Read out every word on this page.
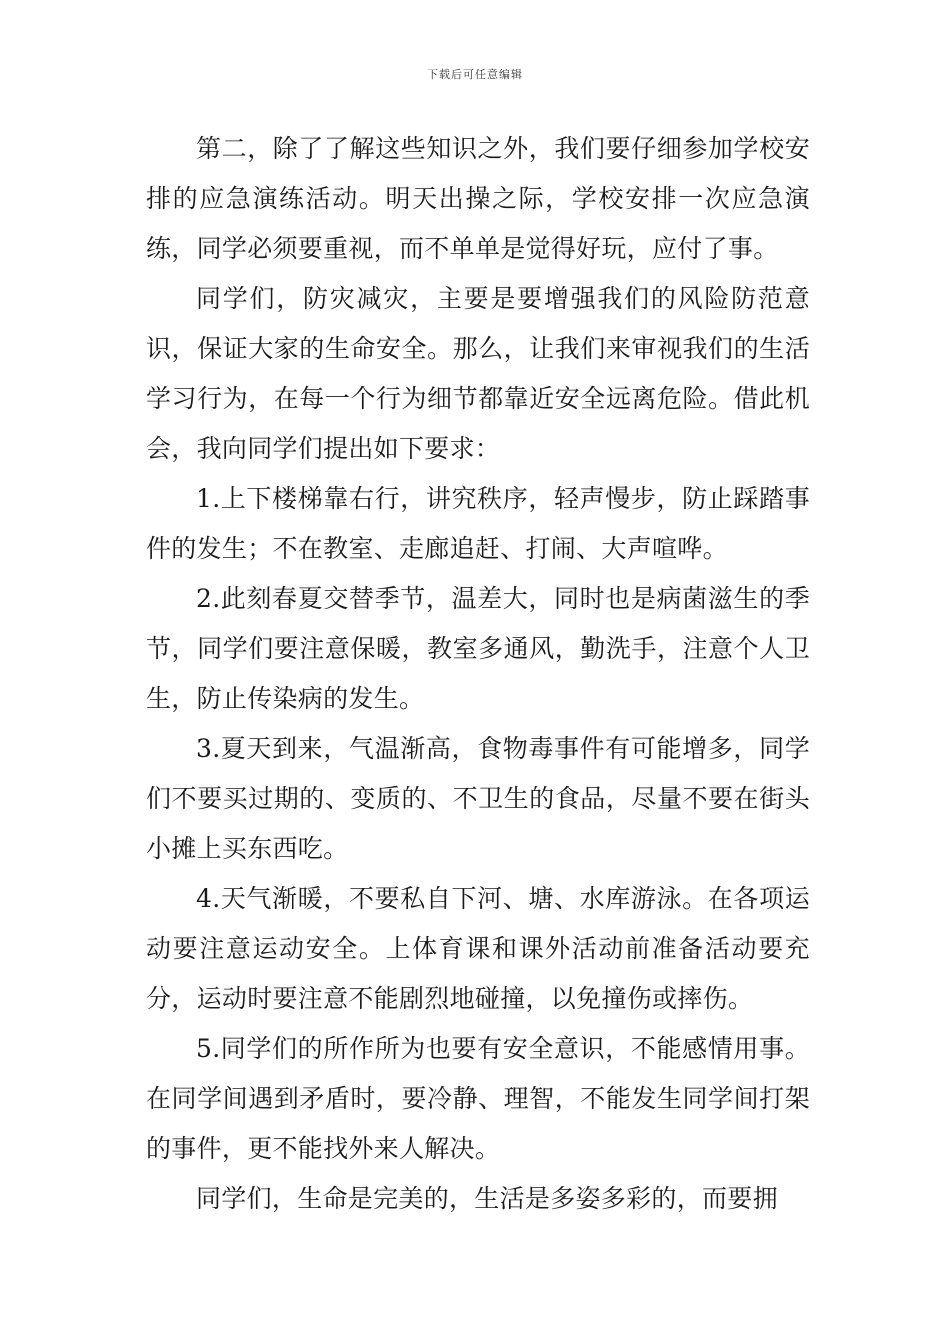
下载后可任意编辑

第二，除了了解这些知识之外，我们要仔细参加学校安排的应急演练活动。明天出操之际，学校安排一次应急演练，同学必须要重视，而不单单是觉得好玩，应付了事。

同学们，防灾减灾，主要是要增强我们的风险防范意识，保证大家的生命安全。那么，让我们来审视我们的生活学习行为，在每一个行为细节都靠近安全远离危险。借此机会，我向同学们提出如下要求：

1.上下楼梯靠右行，讲究秩序，轻声慢步，防止踩踏事件的发生；不在教室、走廊追赶、打闹、大声喧哗。

2.此刻春夏交替季节，温差大，同时也是病菌滋生的季节，同学们要注意保暖，教室多通风，勤洗手，注意个人卫生，防止传染病的发生。

3.夏天到来，气温渐高，食物毒事件有可能增多，同学们不要买过期的、变质的、不卫生的食品，尽量不要在街头小摊上买东西吃。

4.天气渐暖，不要私自下河、塘、水库游泳。在各项运动要注意运动安全。上体育课和课外活动前准备活动要充分，运动时要注意不能剧烈地碰撞，以免撞伤或摔伤。

5.同学们的所作所为也要有安全意识，不能感情用事。在同学间遇到矛盾时，要冷静、理智，不能发生同学间打架的事件，更不能找外来人解决。

同学们，生命是完美的，生活是多姿多彩的，而要拥
